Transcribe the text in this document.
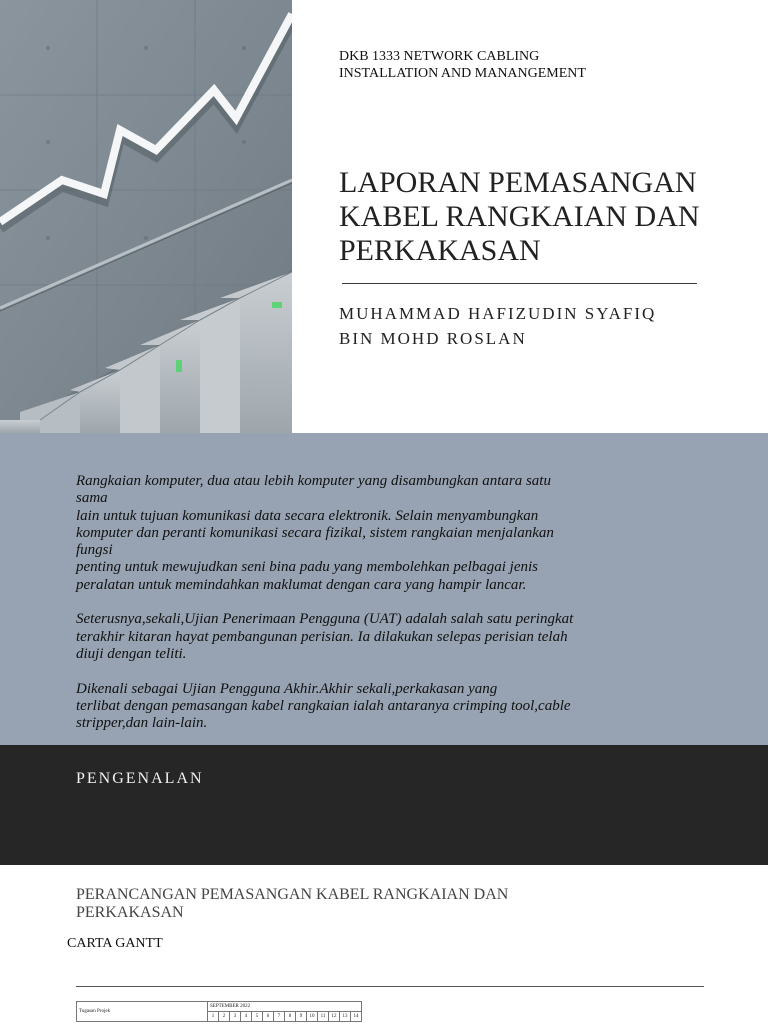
DKB 1333 NETWORK CABLING
INSTALLATION AND MANANGEMENT
LAPORAN PEMASANGAN
KABEL RANGKAIAN DAN
PERKAKASAN
MUHAMMAD HAFIZUDIN SYAFIQ
BIN MOHD ROSLAN
Rangkaian komputer, dua atau lebih komputer yang disambungkan antara satu
sama
lain untuk tujuan komunikasi data secara elektronik. Selain menyambungkan
komputer dan peranti komunikasi secara fizikal, sistem rangkaian menjalankan
fungsi
penting untuk mewujudkan seni bina padu yang membolehkan pelbagai jenis
peralatan untuk memindahkan maklumat dengan cara yang hampir lancar.
Seterusnya,sekali,Ujian Penerimaan Pengguna (UAT) adalah salah satu peringkat
terakhir kitaran hayat pembangunan perisian. Ia dilakukan selepas perisian telah
diuji dengan teliti.
Dikenali sebagai Ujian Pengguna Akhir.Akhir sekali,perkakasan yang
terlibat dengan pemasangan kabel rangkaian ialah antaranya crimping tool,cable
stripper,dan lain-lain.
PENGENALAN
PERANCANGAN PEMASANGAN KABEL RANGKAIAN DAN
PERKAKASAN
CARTA GANTT
Tugasan Projek	SEPTEMBER 2022													
	1	2	3	4	5	6	7	8	9	10	11	12	13	14
